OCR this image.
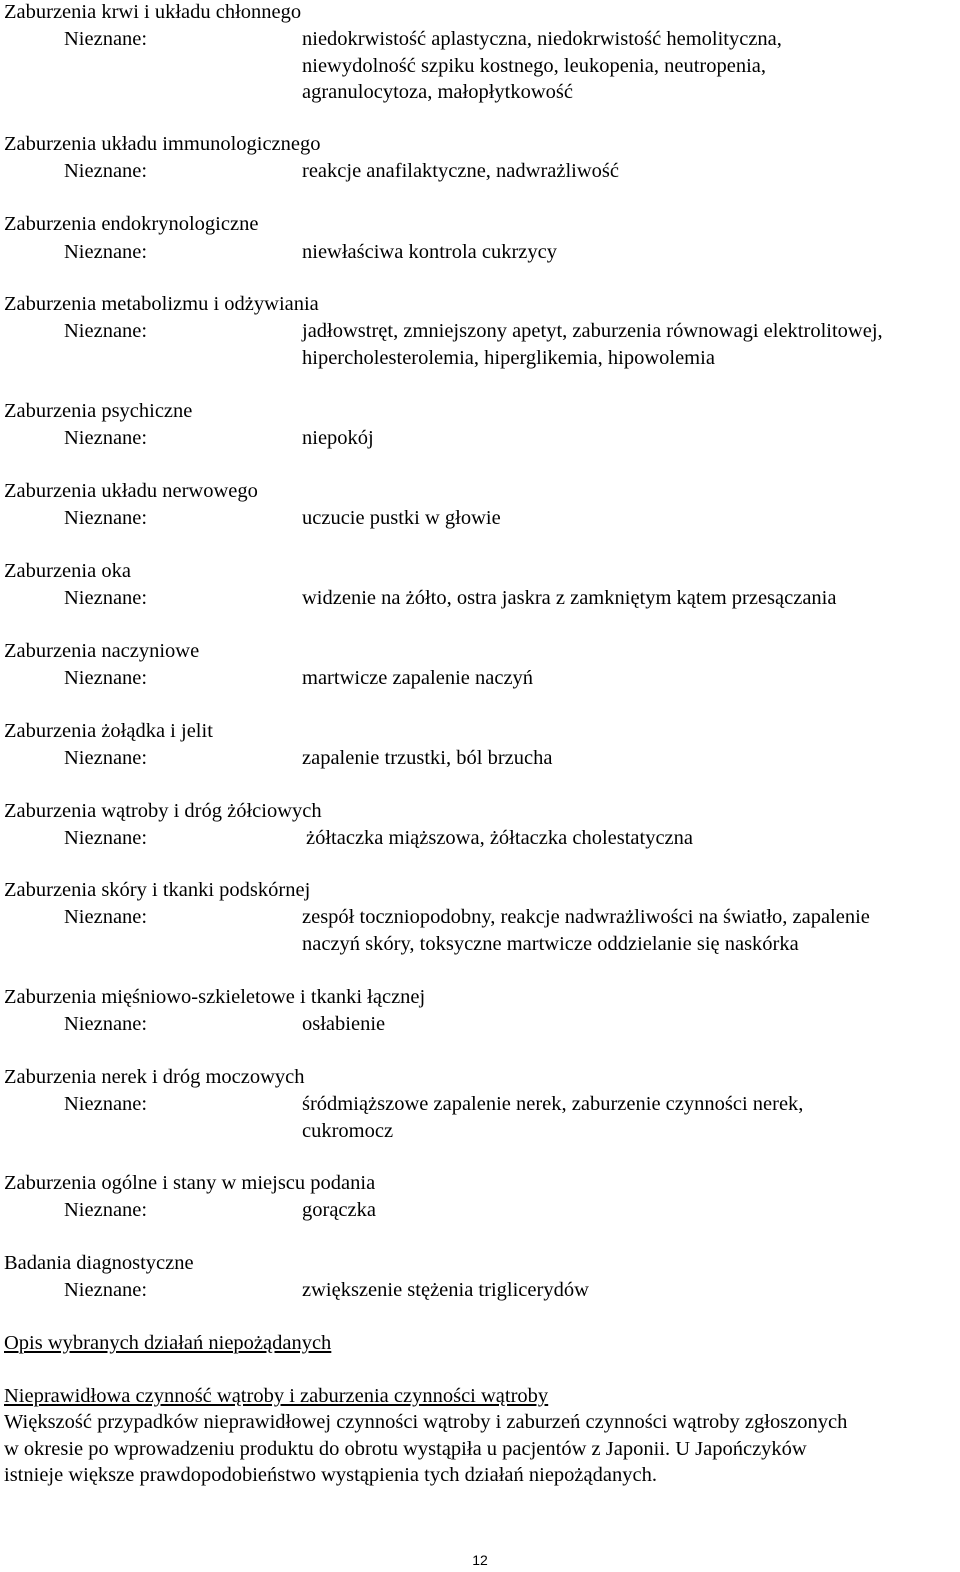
Zaburzenia krwi i układu chłonnego
Nieznane:	niedokrwistość aplastyczna, niedokrwistość hemolityczna,
niewydolność szpiku kostnego, leukopenia, neutropenia,
agranulocytoza, małopłytkowość
Zaburzenia układu immunologicznego
Nieznane:	reakcje anafilaktyczne, nadwrażliwość
Zaburzenia endokrynologiczne
Nieznane:	niewłaściwa kontrola cukrzycy
Zaburzenia metabolizmu i odżywiania
Nieznane:	jadłowstręt, zmniejszony apetyt, zaburzenia równowagi elektrolitowej,
hipercholesterolemia, hiperglikemia, hipowolemia
Zaburzenia psychiczne
Nieznane:	niepokój
Zaburzenia układu nerwowego
Nieznane:	uczucie pustki w głowie
Zaburzenia oka
Nieznane:	widzenie na żółto, ostra jaskra z zamkniętym kątem przesączania
Zaburzenia naczyniowe
Nieznane:	martwicze zapalenie naczyń
Zaburzenia żołądka i jelit
Nieznane:	zapalenie trzustki, ból brzucha
Zaburzenia wątroby i dróg żółciowych
Nieznane:	żółtaczka miąższowa, żółtaczka cholestatyczna
Zaburzenia skóry i tkanki podskórnej
Nieznane:	zespół toczniopodobny, reakcje nadwrażliwości na światło, zapalenie
naczyń skóry, toksyczne martwicze oddzielanie się naskórka
Zaburzenia mięśniowo-szkieletowe i tkanki łącznej
Nieznane:	osłabienie
Zaburzenia nerek i dróg moczowych
Nieznane:	śródmiąższowe zapalenie nerek, zaburzenie czynności nerek,
cukromocz
Zaburzenia ogólne i stany w miejscu podania
Nieznane:	gorączka
Badania diagnostyczne
Nieznane:	zwiększenie stężenia triglicerydów
Opis wybranych działań niepożądanych
Nieprawidłowa czynność wątroby i zaburzenia czynności wątroby
Większość przypadków nieprawidłowej czynności wątroby i zaburzeń czynności wątroby zgłoszonych
w okresie po wprowadzeniu produktu do obrotu wystąpiła u pacjentów z Japonii. U Japończyków
istnieje większe prawdopodobieństwo wystąpienia tych działań niepożądanych.
12
